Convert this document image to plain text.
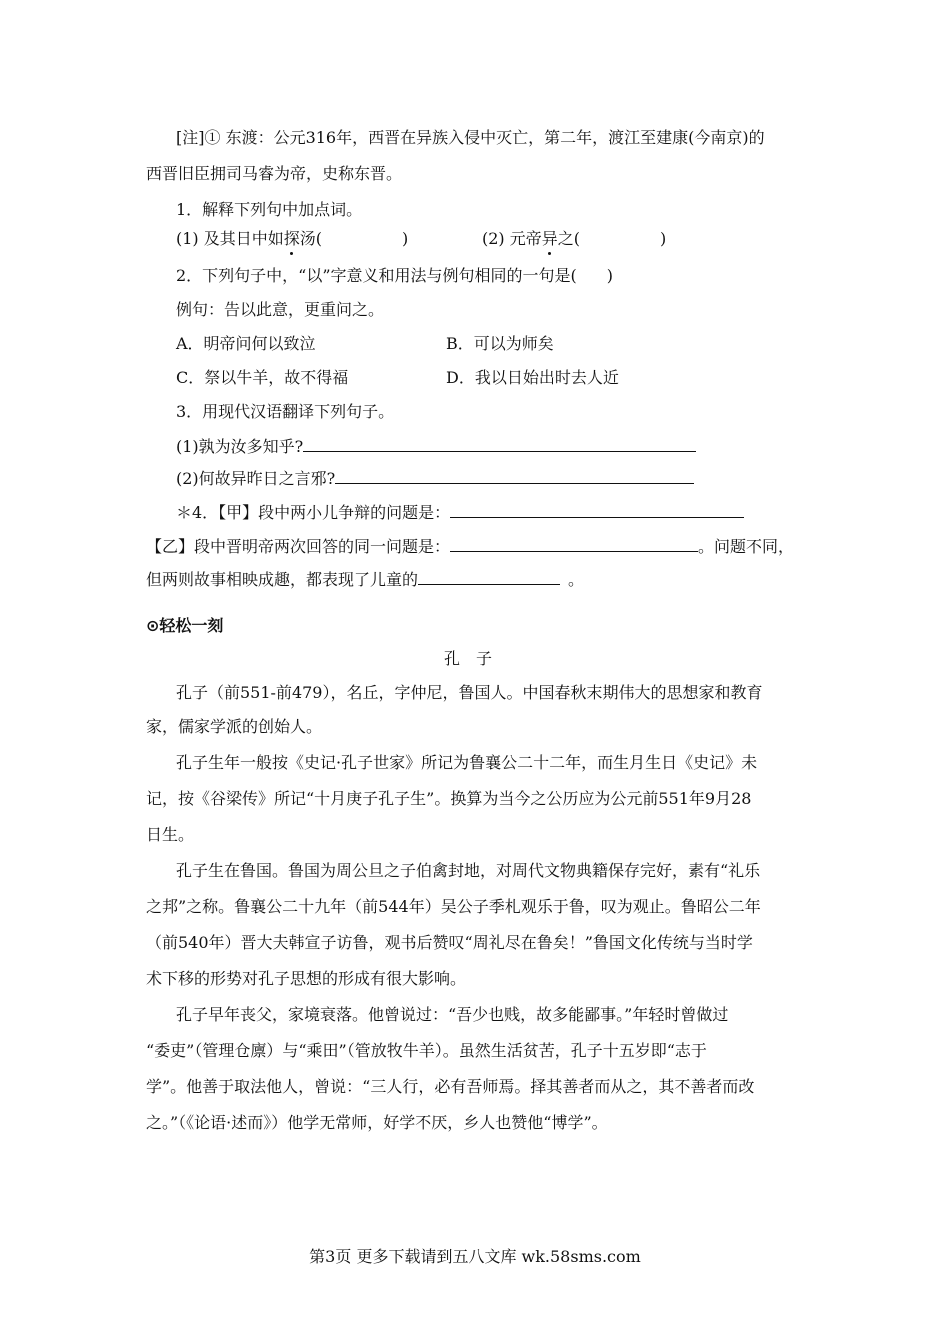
[注]① 东渡：公元316年，西晋在异族入侵中灭亡，第二年，渡江至建康(今南京)的
西晋旧臣拥司马睿为帝，史称东晋。
1．解释下列句中加点词。
(1) 及其日中如探汤(	)	(2) 元帝异之(	)
2．下列句子中，“以”字意义和用法与例句相同的一句是( )
例句：告以此意，更重问之。
A．明帝问何以致泣	B．可以为师矣
C．祭以牛羊，故不得福	D．我以日始出时去人近
3．用现代汉语翻译下列句子。
(1)孰为汝多知乎?
(2)何故异昨日之言邪?
＊4．【甲】段中两小儿争辩的问题是：
【乙】段中晋明帝两次回答的同一问题是：	。问题不同，
但两则故事相映成趣，都表现了儿童的	。
⊙轻松一刻
孔　子
孔子（前551-前479），名丘，字仲尼，鲁国人。中国春秋末期伟大的思想家和教育
家，儒家学派的创始人。
孔子生年一般按《史记·孔子世家》所记为鲁襄公二十二年，而生月生日《史记》未
记，按《谷梁传》所记“十月庚子孔子生”。换算为当今之公历应为公元前551年9月28
日生。
孔子生在鲁国。鲁国为周公旦之子伯禽封地，对周代文物典籍保存完好，素有“礼乐
之邦”之称。鲁襄公二十九年（前544年）吴公子季札观乐于鲁，叹为观止。鲁昭公二年
（前540年）晋大夫韩宣子访鲁，观书后赞叹“周礼尽在鲁矣！”鲁国文化传统与当时学
术下移的形势对孔子思想的形成有很大影响。
孔子早年丧父，家境衰落。他曾说过：“吾少也贱，故多能鄙事。”年轻时曾做过
“委吏”（管理仓廪）与“乘田”（管放牧牛羊）。虽然生活贫苦，孔子十五岁即“志于
学”。他善于取法他人，曾说：“三人行，必有吾师焉。择其善者而从之，其不善者而改
之。”（《论语·述而》）他学无常师，好学不厌，乡人也赞他“博学”。
第3页 更多下载请到五八文库 wk.58sms.com
